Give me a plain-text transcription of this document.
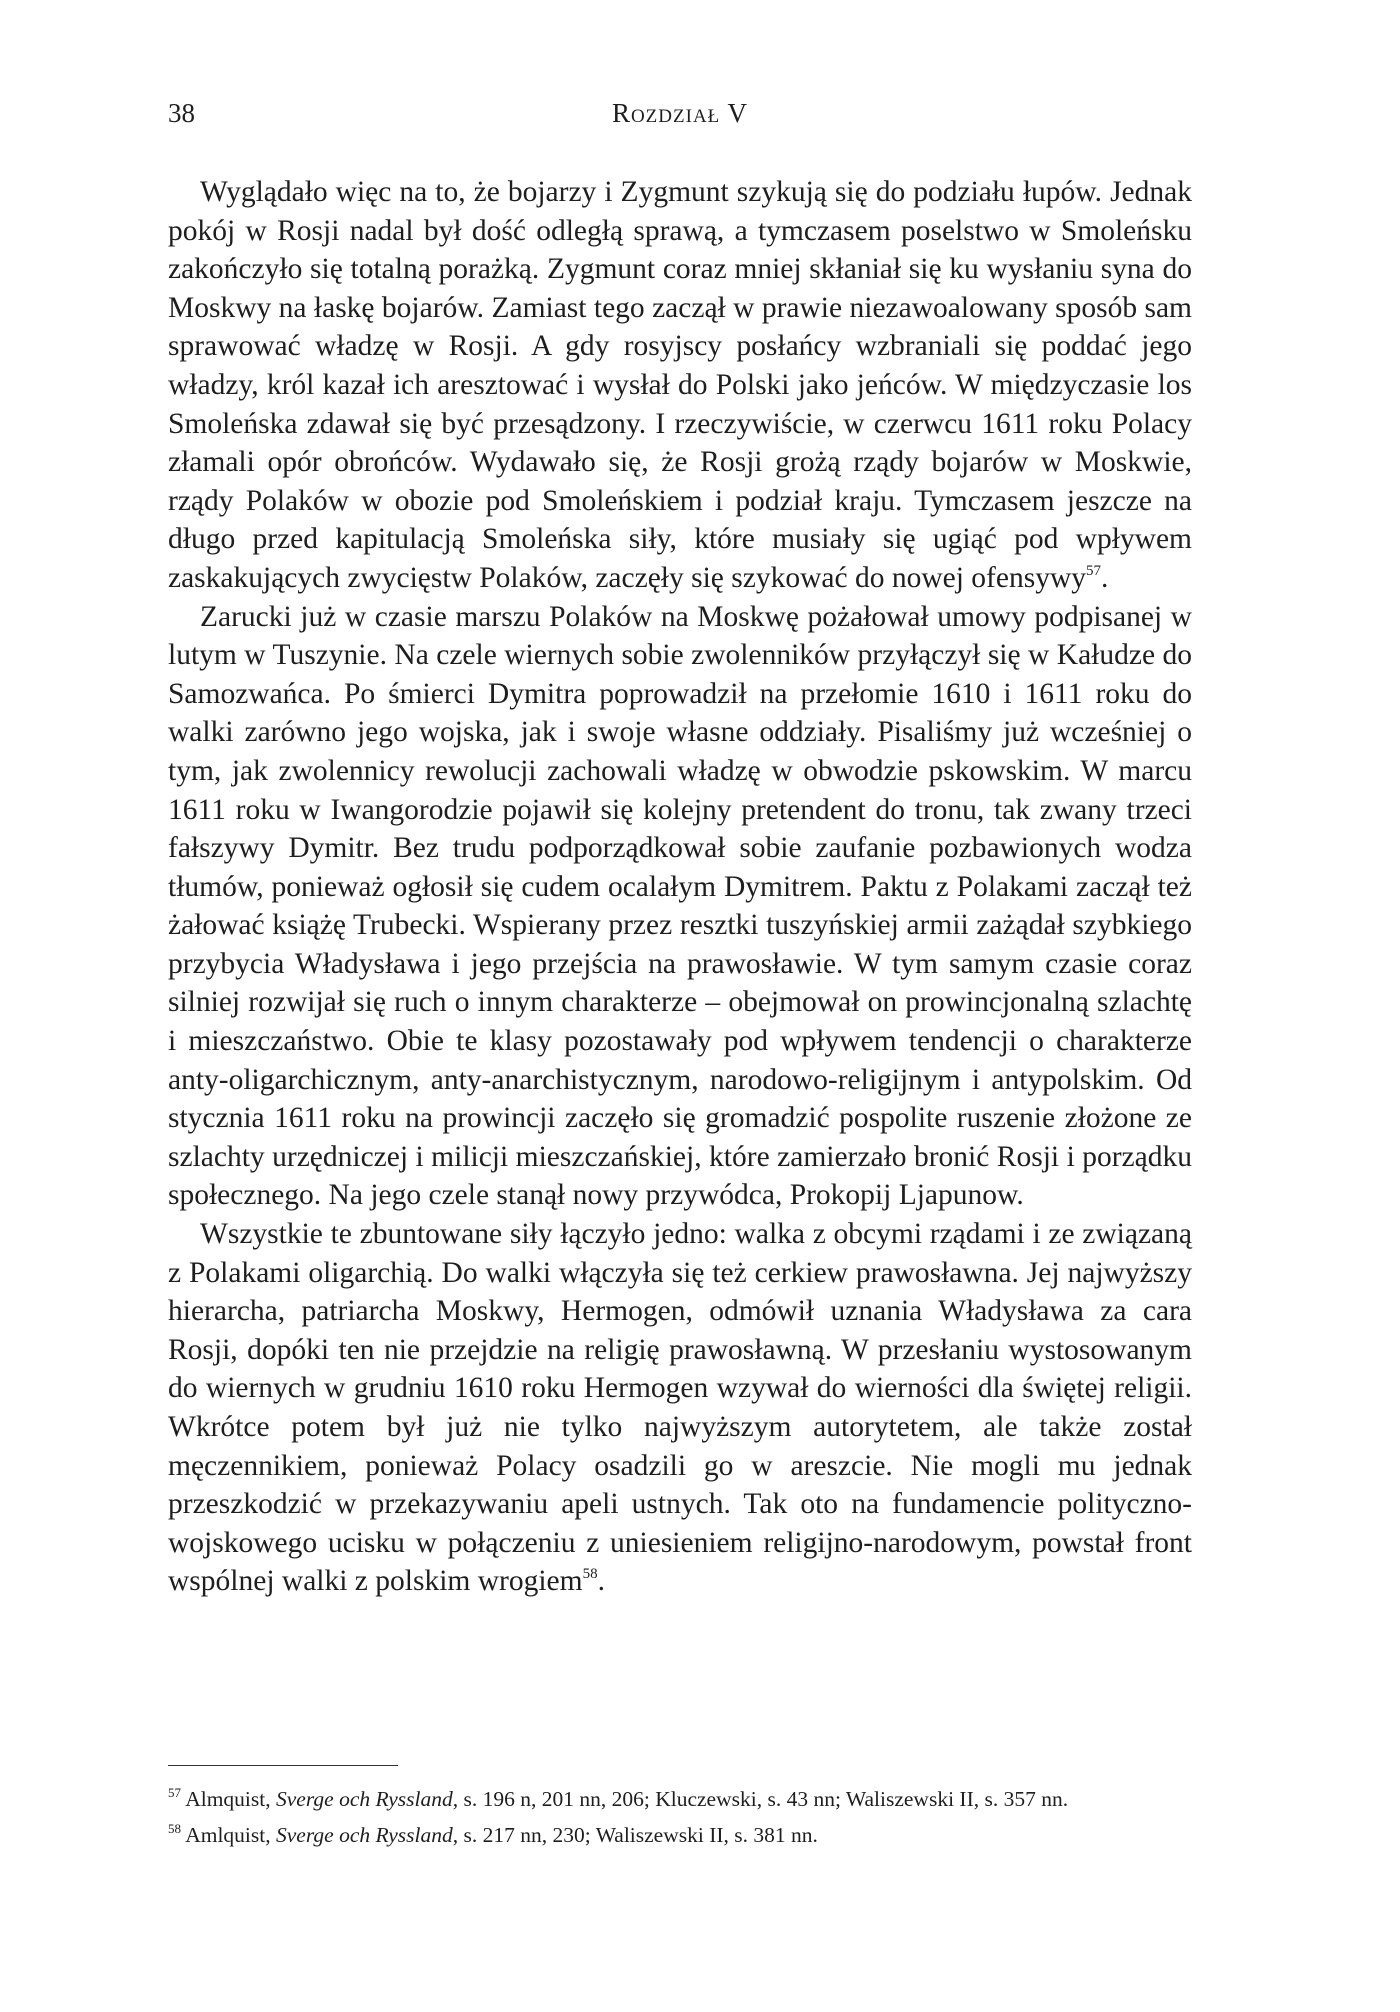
38	Rozdział V

Wyglądało więc na to, że bojarzy i Zygmunt szykują się do podziału łupów. Jednak pokój w Rosji nadal był dość odległą sprawą, a tymczasem poselstwo w Smoleńsku zakończyło się totalną porażką. Zygmunt coraz mniej skłaniał się ku wysłaniu syna do Moskwy na łaskę bojarów. Zamiast tego zaczął w prawie niezawoalowany sposób sam sprawować władzę w Rosji. A gdy rosyjscy posłańcy wzbraniali się poddać jego władzy, król kazał ich aresztować i wysłał do Polski jako jeńców. W międzyczasie los Smoleńska zdawał się być przesądzony. I rzeczywiście, w czerwcu 1611 roku Polacy złamali opór obrońców. Wydawało się, że Rosji grożą rządy bojarów w Moskwie, rządy Polaków w obozie pod Smoleńskiem i podział kraju. Tymczasem jeszcze na długo przed kapitulacją Smoleńska siły, które musiały się ugiąć pod wpływem zaskakujących zwycięstw Polaków, zaczęły się szykować do nowej ofensywy$^{57}$.

Zarucki już w czasie marszu Polaków na Moskwę pożałował umowy podpisanej w lutym w Tuszynie. Na czele wiernych sobie zwolenników przyłączył się w Kałudze do Samozwańca. Po śmierci Dymitra poprowadził na przełomie 1610 i 1611 roku do walki zarówno jego wojska, jak i swoje własne oddziały. Pisaliśmy już wcześniej o tym, jak zwolennicy rewolucji zachowali władzę w obwodzie pskowskim. W marcu 1611 roku w Iwangorodzie pojawił się kolejny pretendent do tronu, tak zwany trzeci fałszywy Dymitr. Bez trudu podporządkował sobie zaufanie pozbawionych wodza tłumów, ponieważ ogłosił się cudem ocalałym Dymitrem. Paktu z Polakami zaczął też żałować książę Trubecki. Wspierany przez resztki tuszyńskiej armii zażądał szybkiego przybycia Władysława i jego przejścia na prawosławie. W tym samym czasie coraz silniej rozwijał się ruch o innym charakterze – obejmował on prowincjonalną szlachtę i mieszczaństwo. Obie te klasy pozostawały pod wpływem tendencji o charakterze anty-oligarchicznym, anty-anarchistycznym, narodowo-religijnym i antypolskim. Od stycznia 1611 roku na prowincji zaczęło się gromadzić pospolite ruszenie złożone ze szlachty urzędniczej i milicji mieszczańskiej, które zamierzało bronić Rosji i porządku społecznego. Na jego czele stanął nowy przywódca, Prokopij Ljapunow.

Wszystkie te zbuntowane siły łączyło jedno: walka z obcymi rządami i ze związaną z Polakami oligarchią. Do walki włączyła się też cerkiew prawosławna. Jej najwyższy hierarcha, patriarcha Moskwy, Hermogen, odmówił uznania Władysława za cara Rosji, dopóki ten nie przejdzie na religię prawosławną. W przesłaniu wystosowanym do wiernych w grudniu 1610 roku Hermogen wzywał do wierności dla świętej religii. Wkrótce potem był już nie tylko najwyższym autorytetem, ale także został męczennikiem, ponieważ Polacy osadzili go w areszcie. Nie mogli mu jednak przeszkodzić w przekazywaniu apeli ustnych. Tak oto na fundamencie polityczno-wojskowego ucisku w połączeniu z uniesieniem religijno-narodowym, powstał front wspólnej walki z polskim wrogiem$^{58}$.

$^{57}$ Almquist, Sverge och Ryssland, s. 196 n, 201 nn, 206; Kluczewski, s. 43 nn; Waliszewski II, s. 357 nn.

$^{58}$ Amlquist, Sverge och Ryssland, s. 217 nn, 230; Waliszewski II, s. 381 nn.
